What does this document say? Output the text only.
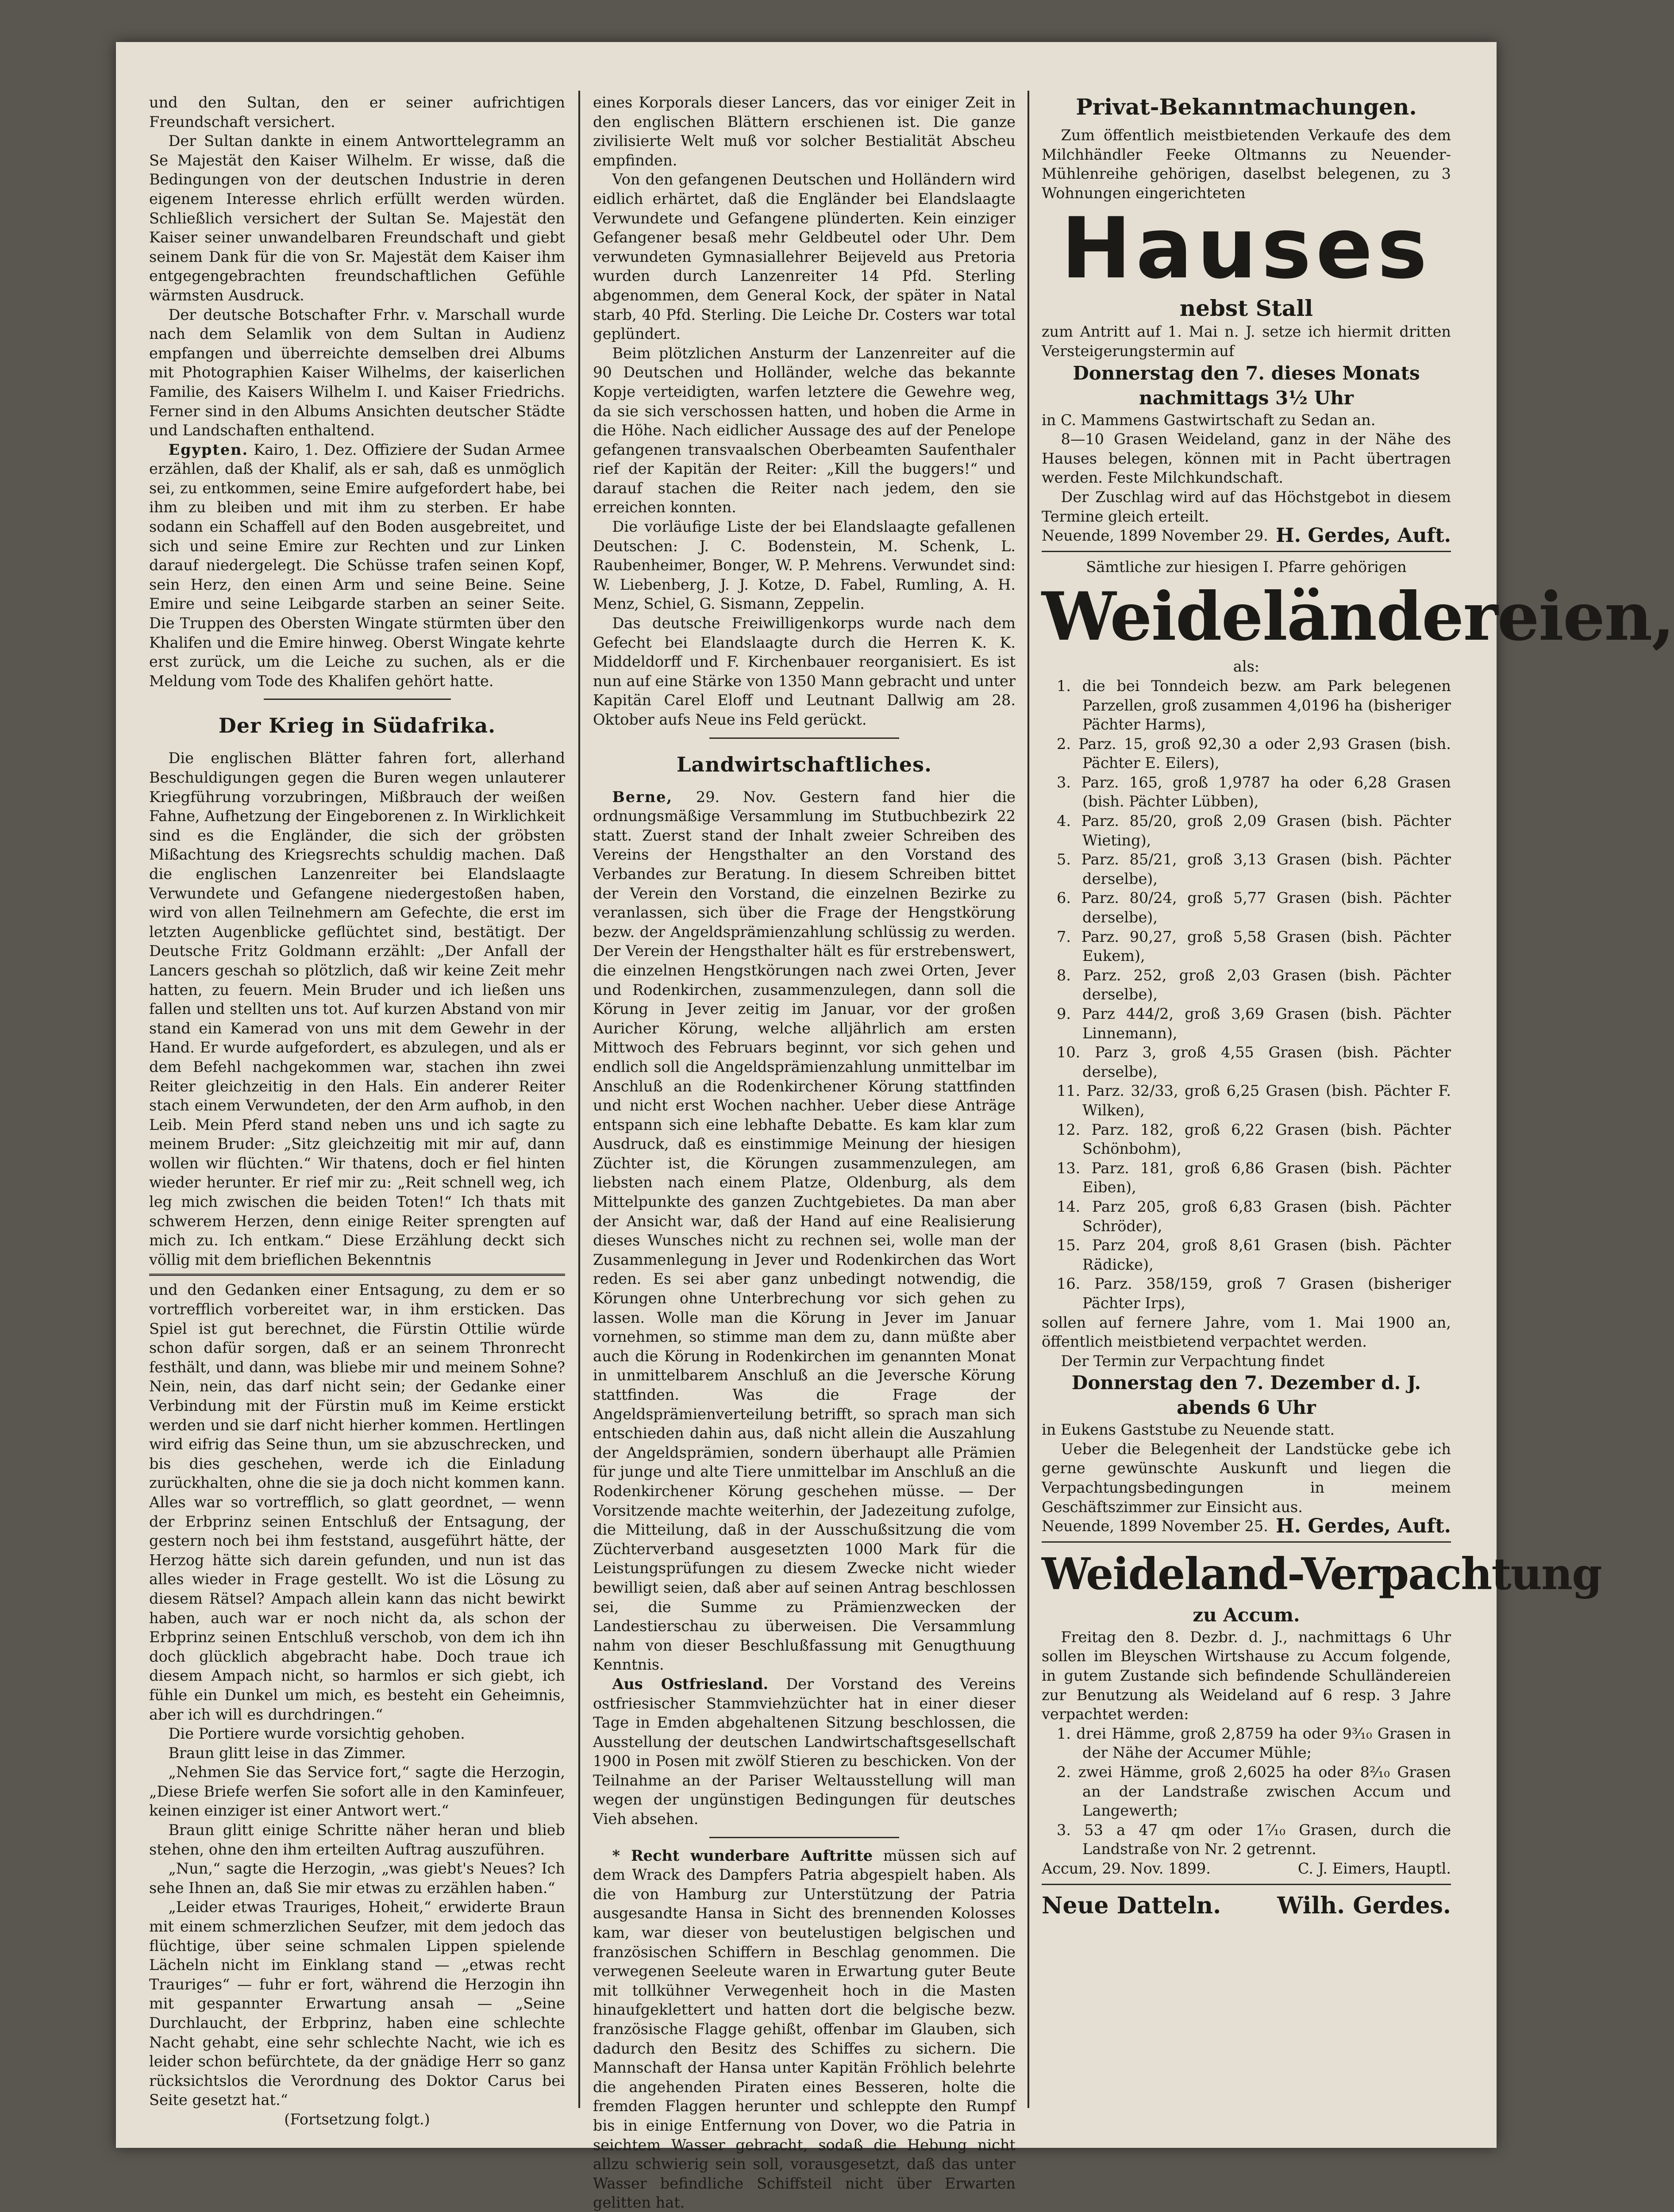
und den Sultan, den er seiner aufrichtigen Freundschaft versichert.

Der Sultan dankte in einem Antworttelegramm an Se Majestät den Kaiser Wilhelm. Er wisse, daß die Bedingungen von der deutschen Industrie in deren eigenem Interesse ehrlich erfüllt werden würden. Schließlich versichert der Sultan Se. Majestät den Kaiser seiner unwandelbaren Freundschaft und giebt seinem Dank für die von Sr. Majestät dem Kaiser ihm entgegengebrachten freundschaftlichen Gefühle wärmsten Ausdruck.

Der deutsche Botschafter Frhr. v. Marschall wurde nach dem Selamlik von dem Sultan in Audienz empfangen und überreichte demselben drei Albums mit Photographien Kaiser Wilhelms, der kaiserlichen Familie, des Kaisers Wilhelm I. und Kaiser Friedrichs. Ferner sind in den Albums Ansichten deutscher Städte und Landschaften enthaltend.

Egypten. Kairo, 1. Dez. Offiziere der Sudan Armee erzählen, daß der Khalif, als er sah, daß es unmöglich sei, zu entkommen, seine Emire aufgefordert habe, bei ihm zu bleiben und mit ihm zu sterben. Er habe sodann ein Schaffell auf den Boden ausgebreitet, und sich und seine Emire zur Rechten und zur Linken darauf niedergelegt. Die Schüsse trafen seinen Kopf, sein Herz, den einen Arm und seine Beine. Seine Emire und seine Leibgarde starben an seiner Seite. Die Truppen des Obersten Wingate stürmten über den Khalifen und die Emire hinweg. Oberst Wingate kehrte erst zurück, um die Leiche zu suchen, als er die Meldung vom Tode des Khalifen gehört hatte.

Der Krieg in Südafrika.

Die englischen Blätter fahren fort, allerhand Beschuldigungen gegen die Buren wegen unlauterer Kriegführung vorzubringen, Mißbrauch der weißen Fahne, Aufhetzung der Eingeborenen z. In Wirklichkeit sind es die Engländer, die sich der gröbsten Mißachtung des Kriegsrechts schuldig machen. Daß die englischen Lanzenreiter bei Elandslaagte Verwundete und Gefangene niedergestoßen haben, wird von allen Teilnehmern am Gefechte, die erst im letzten Augenblicke geflüchtet sind, bestätigt. Der Deutsche Fritz Goldmann erzählt: „Der Anfall der Lancers geschah so plötzlich, daß wir keine Zeit mehr hatten, zu feuern. Mein Bruder und ich ließen uns fallen und stellten uns tot. Auf kurzen Abstand von mir stand ein Kamerad von uns mit dem Gewehr in der Hand. Er wurde aufgefordert, es abzulegen, und als er dem Befehl nachgekommen war, stachen ihn zwei Reiter gleichzeitig in den Hals. Ein anderer Reiter stach einem Verwundeten, der den Arm aufhob, in den Leib. Mein Pferd stand neben uns und ich sagte zu meinem Bruder: „Sitz gleichzeitig mit mir auf, dann wollen wir flüchten.“ Wir thatens, doch er fiel hinten wieder herunter. Er rief mir zu: „Reit schnell weg, ich leg mich zwischen die beiden Toten!“ Ich thats mit schwerem Herzen, denn einige Reiter sprengten auf mich zu. Ich entkam.“ Diese Erzählung deckt sich völlig mit dem brieflichen Bekenntnis

und den Gedanken einer Entsagung, zu dem er so vortrefflich vorbereitet war, in ihm ersticken. Das Spiel ist gut berechnet, die Fürstin Ottilie würde schon dafür sorgen, daß er an seinem Thronrecht festhält, und dann, was bliebe mir und meinem Sohne? Nein, nein, das darf nicht sein; der Gedanke einer Verbindung mit der Fürstin muß im Keime erstickt werden und sie darf nicht hierher kommen. Hertlingen wird eifrig das Seine thun, um sie abzuschrecken, und bis dies geschehen, werde ich die Einladung zurückhalten, ohne die sie ja doch nicht kommen kann. Alles war so vortrefflich, so glatt geordnet, — wenn der Erbprinz seinen Entschluß der Entsagung, der gestern noch bei ihm feststand, ausgeführt hätte, der Herzog hätte sich darein gefunden, und nun ist das alles wieder in Frage gestellt. Wo ist die Lösung zu diesem Rätsel? Ampach allein kann das nicht bewirkt haben, auch war er noch nicht da, als schon der Erbprinz seinen Entschluß verschob, von dem ich ihn doch glücklich abgebracht habe. Doch traue ich diesem Ampach nicht, so harmlos er sich giebt, ich fühle ein Dunkel um mich, es besteht ein Geheimnis, aber ich will es durchdringen.“

Die Portiere wurde vorsichtig gehoben.

Braun glitt leise in das Zimmer.

„Nehmen Sie das Service fort,“ sagte die Herzogin, „Diese Briefe werfen Sie sofort alle in den Kaminfeuer, keinen einziger ist einer Antwort wert.“

Braun glitt einige Schritte näher heran und blieb stehen, ohne den ihm erteilten Auftrag auszuführen.

„Nun,“ sagte die Herzogin, „was giebt's Neues? Ich sehe Ihnen an, daß Sie mir etwas zu erzählen haben.“

„Leider etwas Trauriges, Hoheit,“ erwiderte Braun mit einem schmerzlichen Seufzer, mit dem jedoch das flüchtige, über seine schmalen Lippen spielende Lächeln nicht im Einklang stand — „etwas recht Trauriges“ — fuhr er fort, während die Herzogin ihn mit gespannter Erwartung ansah — „Seine Durchlaucht, der Erbprinz, haben eine schlechte Nacht gehabt, eine sehr schlechte Nacht, wie ich es leider schon befürchtete, da der gnädige Herr so ganz rücksichtslos die Verordnung des Doktor Carus bei Seite gesetzt hat.“

(Fortsetzung folgt.)

eines Korporals dieser Lancers, das vor einiger Zeit in den englischen Blättern erschienen ist. Die ganze zivilisierte Welt muß vor solcher Bestialität Abscheu empfinden.

Von den gefangenen Deutschen und Holländern wird eidlich erhärtet, daß die Engländer bei Elandslaagte Verwundete und Gefangene plünderten. Kein einziger Gefangener besaß mehr Geldbeutel oder Uhr. Dem verwundeten Gymnasiallehrer Beijeveld aus Pretoria wurden durch Lanzenreiter 14 Pfd. Sterling abgenommen, dem General Kock, der später in Natal starb, 40 Pfd. Sterling. Die Leiche Dr. Costers war total geplündert.

Beim plötzlichen Ansturm der Lanzenreiter auf die 90 Deutschen und Holländer, welche das bekannte Kopje verteidigten, warfen letztere die Gewehre weg, da sie sich verschossen hatten, und hoben die Arme in die Höhe. Nach eidlicher Aussage des auf der Penelope gefangenen transvaalschen Oberbeamten Saufenthaler rief der Kapitän der Reiter: „Kill the buggers!“ und darauf stachen die Reiter nach jedem, den sie erreichen konnten.

Die vorläufige Liste der bei Elandslaagte gefallenen Deutschen: J. C. Bodenstein, M. Schenk, L. Raubenheimer, Bonger, W. P. Mehrens. Verwundet sind: W. Liebenberg, J. J. Kotze, D. Fabel, Rumling, A. H. Menz, Schiel, G. Sismann, Zeppelin.

Das deutsche Freiwilligenkorps wurde nach dem Gefecht bei Elandslaagte durch die Herren K. K. Middeldorff und F. Kirchenbauer reorganisiert. Es ist nun auf eine Stärke von 1350 Mann gebracht und unter Kapitän Carel Eloff und Leutnant Dallwig am 28. Oktober aufs Neue ins Feld gerückt.

Landwirtschaftliches.

Berne, 29. Nov. Gestern fand hier die ordnungsmäßige Versammlung im Stutbuchbezirk 22 statt. Zuerst stand der Inhalt zweier Schreiben des Vereins der Hengsthalter an den Vorstand des Verbandes zur Beratung. In diesem Schreiben bittet der Verein den Vorstand, die einzelnen Bezirke zu veranlassen, sich über die Frage der Hengstkörung bezw. der Angeldsprämienzahlung schlüssig zu werden. Der Verein der Hengsthalter hält es für erstrebenswert, die einzelnen Hengstkörungen nach zwei Orten, Jever und Rodenkirchen, zusammenzulegen, dann soll die Körung in Jever zeitig im Januar, vor der großen Auricher Körung, welche alljährlich am ersten Mittwoch des Februars beginnt, vor sich gehen und endlich soll die Angeldsprämienzahlung unmittelbar im Anschluß an die Rodenkirchener Körung stattfinden und nicht erst Wochen nachher. Ueber diese Anträge entspann sich eine lebhafte Debatte. Es kam klar zum Ausdruck, daß es einstimmige Meinung der hiesigen Züchter ist, die Körungen zusammenzulegen, am liebsten nach einem Platze, Oldenburg, als dem Mittelpunkte des ganzen Zuchtgebietes. Da man aber der Ansicht war, daß der Hand auf eine Realisierung dieses Wunsches nicht zu rechnen sei, wolle man der Zusammenlegung in Jever und Rodenkirchen das Wort reden. Es sei aber ganz unbedingt notwendig, die Körungen ohne Unterbrechung vor sich gehen zu lassen. Wolle man die Körung in Jever im Januar vornehmen, so stimme man dem zu, dann müßte aber auch die Körung in Rodenkirchen im genannten Monat in unmittelbarem Anschluß an die Jeversche Körung stattfinden. Was die Frage der Angeldsprämienverteilung betrifft, so sprach man sich entschieden dahin aus, daß nicht allein die Auszahlung der Angeldsprämien, sondern überhaupt alle Prämien für junge und alte Tiere unmittelbar im Anschluß an die Rodenkirchener Körung geschehen müsse. — Der Vorsitzende machte weiterhin, der Jadezeitung zufolge, die Mitteilung, daß in der Ausschußsitzung die vom Züchterverband ausgesetzten 1000 Mark für die Leistungsprüfungen zu diesem Zwecke nicht wieder bewilligt seien, daß aber auf seinen Antrag beschlossen sei, die Summe zu Prämienzwecken der Landestierschau zu überweisen. Die Versammlung nahm von dieser Beschlußfassung mit Genugthuung Kenntnis.

Aus Ostfriesland. Der Vorstand des Vereins ostfriesischer Stammviehzüchter hat in einer dieser Tage in Emden abgehaltenen Sitzung beschlossen, die Ausstellung der deutschen Landwirtschaftsgesellschaft 1900 in Posen mit zwölf Stieren zu beschicken. Von der Teilnahme an der Pariser Weltausstellung will man wegen der ungünstigen Bedingungen für deutsches Vieh absehen.

* Recht wunderbare Auftritte müssen sich auf dem Wrack des Dampfers Patria abgespielt haben. Als die von Hamburg zur Unterstützung der Patria ausgesandte Hansa in Sicht des brennenden Kolosses kam, war dieser von beutelustigen belgischen und französischen Schiffern in Beschlag genommen. Die verwegenen Seeleute waren in Erwartung guter Beute mit tollkühner Verwegenheit hoch in die Masten hinaufgeklettert und hatten dort die belgische bezw. französische Flagge gehißt, offenbar im Glauben, sich dadurch den Besitz des Schiffes zu sichern. Die Mannschaft der Hansa unter Kapitän Fröhlich belehrte die angehenden Piraten eines Besseren, holte die fremden Flaggen herunter und schleppte den Rumpf bis in einige Entfernung von Dover, wo die Patria in seichtem Wasser gebracht, sodaß die Hebung nicht allzu schwierig sein soll, vorausgesetzt, daß das unter Wasser befindliche Schiffsteil nicht über Erwarten gelitten hat.

Privat-Bekanntmachungen.

Zum öffentlich meistbietenden Verkaufe des dem Milchhändler Feeke Oltmanns zu Neuender-Mühlenreihe gehörigen, daselbst belegenen, zu 3 Wohnungen eingerichteten

Hauses
nebst Stall

zum Antritt auf 1. Mai n. J. setze ich hiermit dritten Versteigerungstermin auf

Donnerstag den 7. dieses Monats
nachmittags 3½ Uhr

in C. Mammens Gastwirtschaft zu Sedan an.

8—10 Grasen Weideland, ganz in der Nähe des Hauses belegen, können mit in Pacht übertragen werden. Feste Milchkundschaft.

Der Zuschlag wird auf das Höchstgebot in diesem Termine gleich erteilt.

Neuende, 1899 November 29. H. Gerdes, Auft.

Sämtliche zur hiesigen I. Pfarre gehörigen

Weideländereien,

als:

1. die bei Tonndeich bezw. am Park belegenen Parzellen, groß zusammen 4,0196 ha (bisheriger Pächter Harms),
2. Parz. 15, groß 92,30 a oder 2,93 Grasen (bish. Pächter E. Eilers),
3. Parz. 165, groß 1,9787 ha oder 6,28 Grasen (bish. Pächter Lübben),
4. Parz. 85/20, groß 2,09 Grasen (bish. Pächter Wieting),
5. Parz. 85/21, groß 3,13 Grasen (bish. Pächter derselbe),
6. Parz. 80/24, groß 5,77 Grasen (bish. Pächter derselbe),
7. Parz. 90,27, groß 5,58 Grasen (bish. Pächter Eukem),
8. Parz. 252, groß 2,03 Grasen (bish. Pächter derselbe),
9. Parz 444/2, groß 3,69 Grasen (bish. Pächter Linnemann),
10. Parz 3, groß 4,55 Grasen (bish. Pächter derselbe),
11. Parz. 32/33, groß 6,25 Grasen (bish. Pächter F. Wilken),
12. Parz. 182, groß 6,22 Grasen (bish. Pächter Schönbohm),
13. Parz. 181, groß 6,86 Grasen (bish. Pächter Eiben),
14. Parz 205, groß 6,83 Grasen (bish. Pächter Schröder),
15. Parz 204, groß 8,61 Grasen (bish. Pächter Rädicke),
16. Parz. 358/159, groß 7 Grasen (bisheriger Pächter Irps),

sollen auf fernere Jahre, vom 1. Mai 1900 an, öffentlich meistbietend verpachtet werden.

Der Termin zur Verpachtung findet

Donnerstag den 7. Dezember d. J.
abends 6 Uhr

in Eukens Gaststube zu Neuende statt.

Ueber die Belegenheit der Landstücke gebe ich gerne gewünschte Auskunft und liegen die Verpachtungsbedingungen in meinem Geschäftszimmer zur Einsicht aus.

Neuende, 1899 November 25. H. Gerdes, Auft.
Weideland-Verpachtung
zu Accum.

Freitag den 8. Dezbr. d. J., nachmittags 6 Uhr sollen im Bleyschen Wirtshause zu Accum folgende, in gutem Zustande sich befindende Schulländereien zur Benutzung als Weideland auf 6 resp. 3 Jahre verpachtet werden:

1. drei Hämme, groß 2,8759 ha oder 9³⁄₁₀ Grasen in der Nähe der Accumer Mühle;
2. zwei Hämme, groß 2,6025 ha oder 8²⁄₁₀ Grasen an der Landstraße zwischen Accum und Langewerth;
3. 53 a 47 qm oder 1⁷⁄₁₀ Grasen, durch die Landstraße von Nr. 2 getrennt.
Accum, 29. Nov. 1899.	C. J. Eimers, Hauptl.
Neue Datteln. Wilh. Gerdes.
